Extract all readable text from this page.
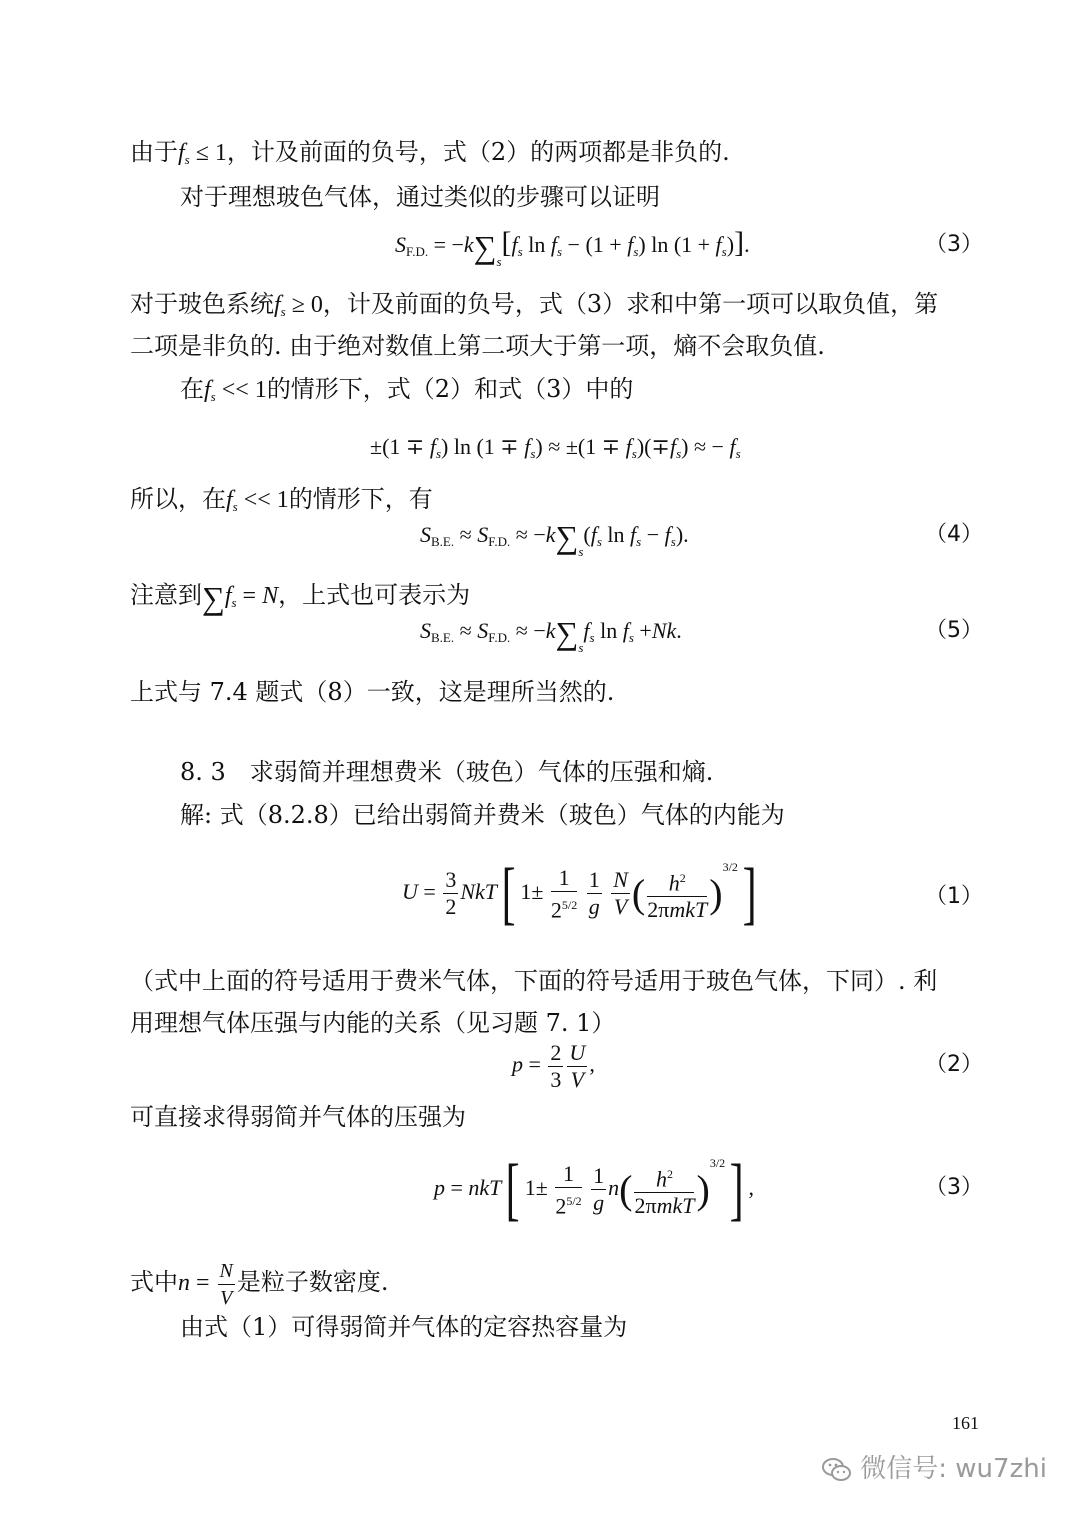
由于$f_s \le 1$，计及前面的负号，式（2）的两项都是非负的.
对于理想玻色气体，通过类似的步骤可以证明
$S_{F.D.} = -k\sum_s[f_s$ $\ln f_s - (1 + f_s)$ $\ln (1 + f_s)$].	（3）
对于玻色系统$f_s \ge 0$，计及前面的负号，式（3）求和中第一项可以取负值，第
二项是非负的. 由于绝对数值上第二项大于第一项，熵不会取负值.
在$f_s << 1$的情形下，式（2）和式（3）中的
$\pm(1 \mp f_s)$ $\ln (1 \mp f_s) \approx \pm(1 \mp f_s)(\mp f_s)$ ≈ − $f_s$
所以，在$f_s << 1$的情形下，有
$S_{B.E.} \approx S_{F.D.} \approx -k\sum_s(f_s$ $\ln f_s - f_s$).	（4）
注意到$\sum f_s = N$，上式也可表示为
$S_{B.E.} \approx S_{F.D.} \approx -k\sum_sf_s$ $\ln f_s +Nk$.	（5）
上式与 7.4 题式（8）一致，这是理所当然的.
8. 3　求弱简并理想费米（玻色）气体的压强和熵.
解: 式（8.2.8）已给出弱简并费米（玻色）气体的内能为
$U = \frac{3}{2} NkT$[ $1\pm \frac{1}{2^{5/2}}$
$\frac{1}{g}$
$\frac{N}{V}$ ( $\frac{h^2}{\text{2πmkT}} )^{3/2}$]	（1）
（式中上面的符号适用于费米气体，下面的符号适用于玻色气体，下同）. 利
用理想气体压强与内能的关系（见习题 7. 1）
$p = \frac{2}{3} \frac{U}{V}$ ,	（2）
可直接求得弱简并气体的压强为
p = nkT[ $1\pm \frac{1}{2^{5/2}}$
$\frac{1}{g} n( \frac{h^2}{\text{2πmkT}} )^{3/2}$] ,	（3）
式中$n = \frac{N}{V}$ 是粒子数密度.
由式（1）可得弱简并气体的定容热容量为
161
微信号: wu7zhi
